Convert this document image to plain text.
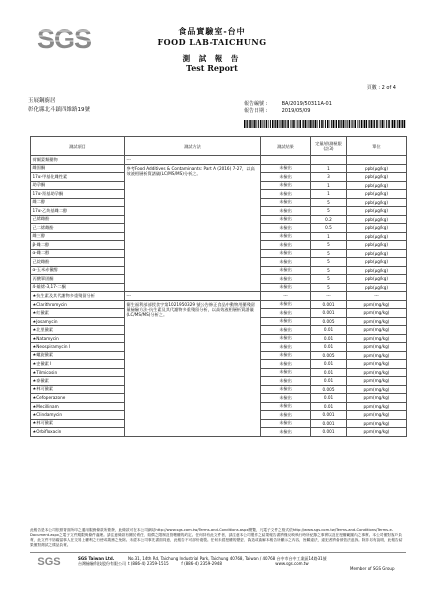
SGS	食品實驗室-台中
FOOD LAB-TAICHUNG
測 試 報 告
Test Report
頁數 : 2 of 4
玉展鋼廚居
彰化縣北斗鎮四維路19號
報告編號 :	BA/2019/50311A-01
報告日期 :	2019/05/09
測試項目	測試方法	測試結果	定量/偵測極限(註3)	單位
荷爾蒙類藥物	---			
雌固酮	參考Food Additives & Contaminants: Part A (2016) 7-27，以高效液相層析質譜儀(LC/MS/MS)分析之。	未檢出	1	ppb(μg/kg)
17α-甲基化雌性素		未檢出	3	ppb(μg/kg)
助孕酮		未檢出	1	ppb(μg/kg)
17α-羥基助孕酮		未檢出	1	ppb(μg/kg)
雌二醇		未檢出	5	ppb(μg/kg)
17α-乙炔基雌二醇		未檢出	5	ppb(μg/kg)
己烯雌酚		未檢出	0.2	ppb(μg/kg)
己二烯雌酚		未檢出	0.5	ppb(μg/kg)
雌三醇		未檢出	1	ppb(μg/kg)
β-雌二醇		未檢出	5	ppb(μg/kg)
α-雌二醇		未檢出	5	ppb(μg/kg)
己烷雌酚		未檢出	5	ppb(μg/kg)
α-玉米赤黴醇		未檢出	5	ppb(μg/kg)
丙酸睪固酮		未檢出	5	ppb(μg/kg)
4-雄烯-3,17-二酮		未檢出	5	ppb(μg/kg)
★抗生素及其代謝物多重殘留分析	---	---	---	---
★Clarithromycin	衛生福利部部授食字第1021950329 號公告修正食品中動物用藥殘留量檢驗方法-抗生素及其代謝物多重殘留分析，以高效液相層析質譜儀(LC/MS/MS)分析之。	未檢出	0.001	ppm(mg/kg)
★紅黴素		未檢出	0.001	ppm(mg/kg)
★Josamycin		未檢出	0.005	ppm(mg/kg)
★北里黴素		未檢出	0.01	ppm(mg/kg)
★Natamycin		未檢出	0.01	ppm(mg/kg)
★Neospiramycin I		未檢出	0.01	ppm(mg/kg)
★螺旋黴素		未檢出	0.005	ppm(mg/kg)
★史黴素 I		未檢出	0.01	ppm(mg/kg)
★Tilmicosin		未檢出	0.01	ppm(mg/kg)
★泰黴素		未檢出	0.01	ppm(mg/kg)
★林可黴素		未檢出	0.005	ppm(mg/kg)
★Cefoperazone		未檢出	0.01	ppm(mg/kg)
★Mecillinam		未檢出	0.01	ppm(mg/kg)
★Clindamycin		未檢出	0.001	ppm(mg/kg)
★林可黴素		未檢出	0.001	ppm(mg/kg)
★Orbifloxacin		未檢出	0.001	ppm(mg/kg)
此報告是本公司依照背面所印之通用服務條款所簽發，此條款可在本公司網站http://www.sgs.com.tw/Terms-and-Conditions.aspx閱覽，凡電子文件之格式依http://www.sgs.com.tw/Terms-and-Conditions/Terms-e-Document.aspx之電子文件期限與條件處理。請注意條款有關於責任、賠償之限制及管轄權的約定。任何持有此文件者，請注意本公司製作之結果報告書將僅反映執行時所紀錄之事實以及在授權範圍內之事實。本公司僅對客戶負責，此文件不妨礙當事人在交易上權利之行使或義務之免除。未經本公司事先書面同意，此報告不可部份複製。任何未經授權的變更、偽造或曲解本報告所顯示之內容，皆屬違法，違犯者將會被依法追訴。除非另有說明，此報告結果僅對測試之樣品負責。
SGS	SGS Taiwan Ltd.
台灣檢驗科技股份有限公司
No.31, 14th Rd, Taichung Industrial Park, Taichung 40768, Taiwan / 40768 台中市台中工業區14路31號
t (886-4) 2359-1515	f (886-4) 2359-2948	www.sgs.com.tw
Member of SGS Group
